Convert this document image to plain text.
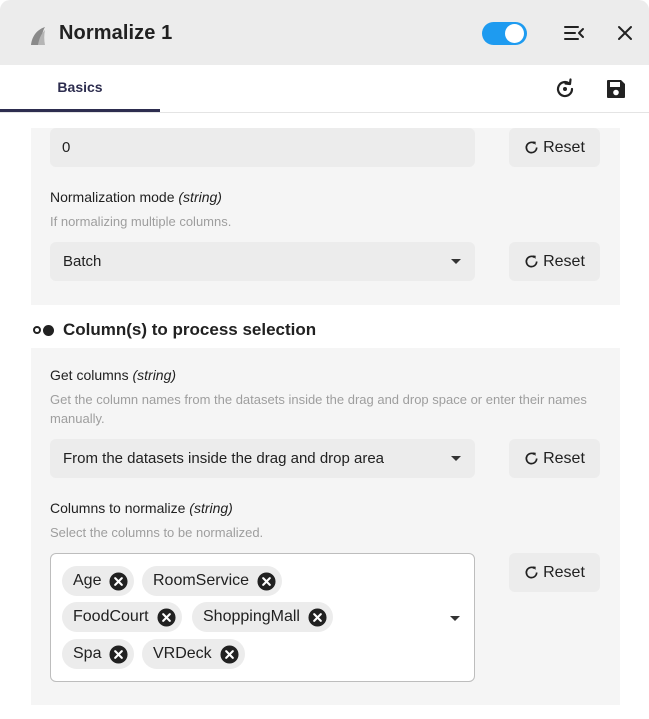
Normalize 1
Basics
0	Reset
Normalization mode (string)
If normalizing multiple columns.
Batch	Reset
Column(s) to process selection
Get columns (string)
Get the column names from the datasets inside the drag and drop space or enter their names manually.
From the datasets inside the drag and drop area	Reset
Columns to normalize (string)
Select the columns to be normalized.
Age	RoomService
FoodCourt	ShoppingMall
Spa	VRDeck
Reset
